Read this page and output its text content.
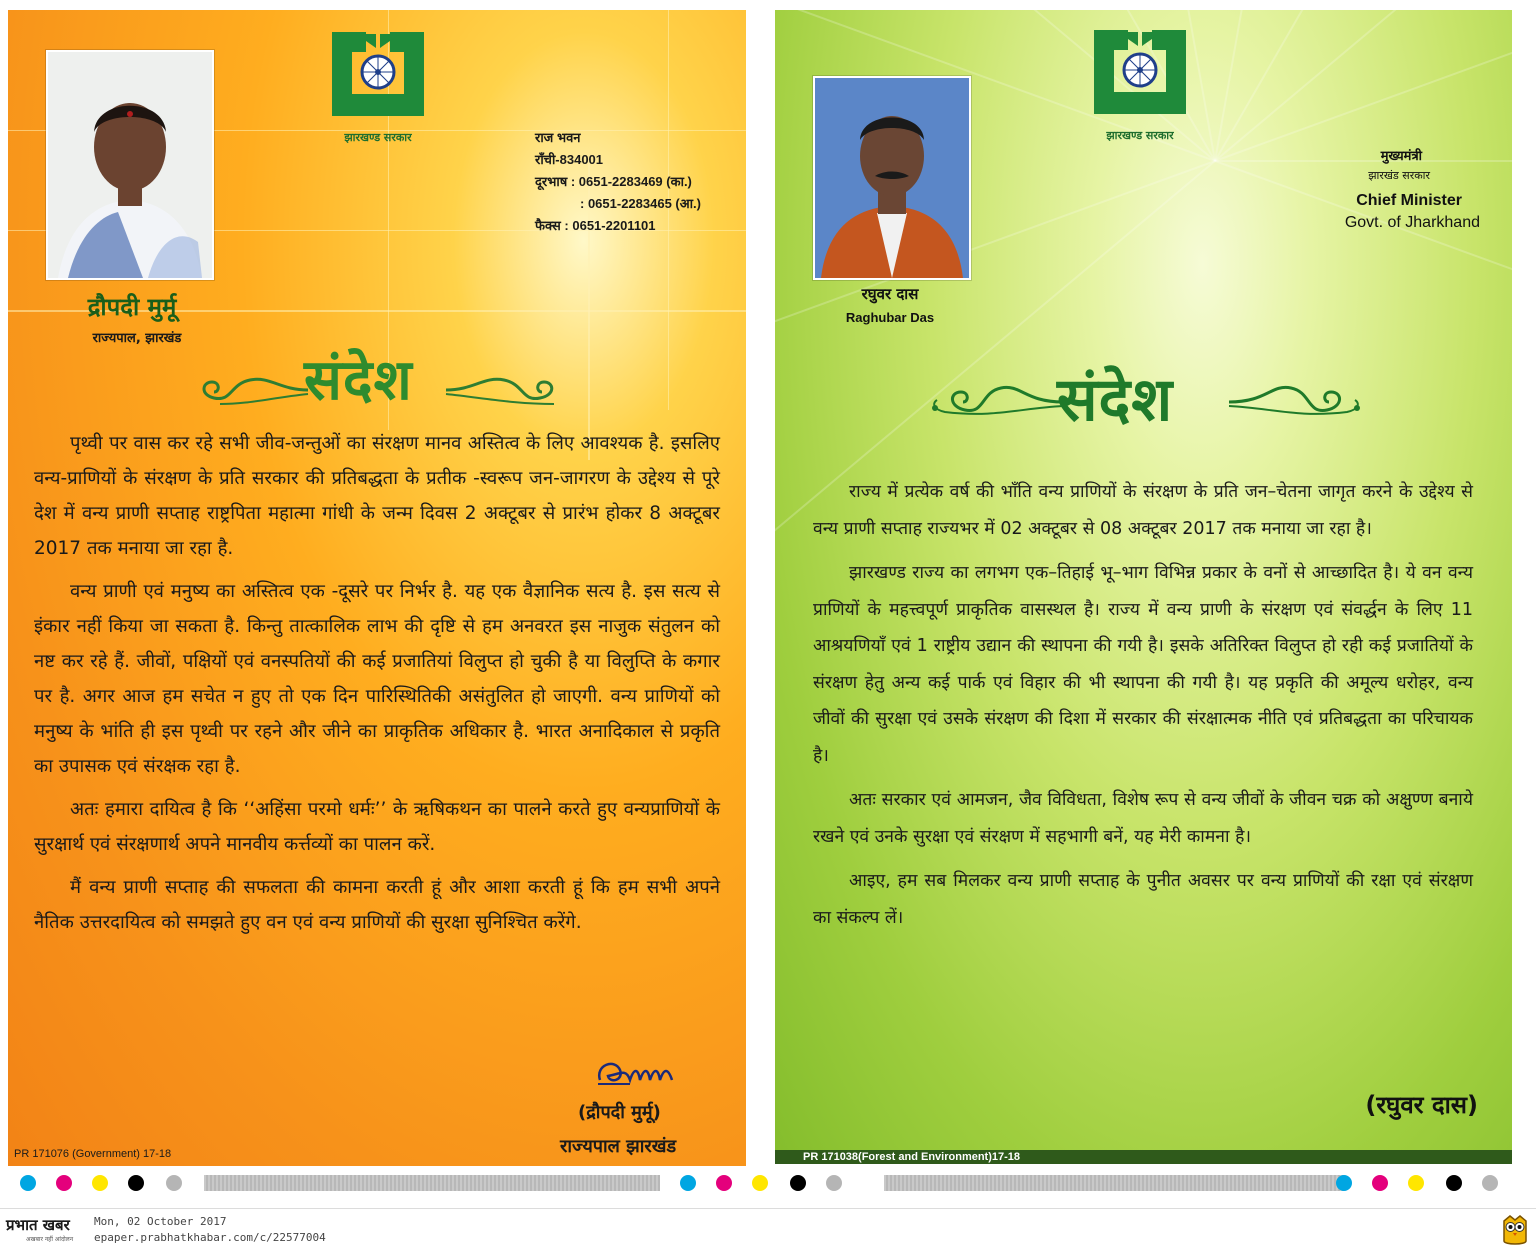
झारखण्ड सरकार	राज भवन
राँची-834001
दूरभाष : 0651-2283469 (का.)
: 0651-2283465 (आ.)
फैक्स : 0651-2201101
द्रौपदी मुर्मू
राज्यपाल, झारखंड
संदेश

पृथ्वी पर वास कर रहे सभी जीव-जन्तुओं का संरक्षण मानव अस्तित्व के लिए आवश्यक है. इसलिए वन्य-प्राणियों के संरक्षण के प्रति सरकार की प्रतिबद्धता के प्रतीक -स्वरूप जन-जागरण के उद्देश्य से पूरे देश में वन्य प्राणी सप्ताह राष्ट्रपिता महात्मा गांधी के जन्म दिवस 2 अक्टूबर से प्रारंभ होकर 8 अक्टूबर 2017 तक मनाया जा रहा है.

वन्य प्राणी एवं मनुष्य का अस्तित्व एक -दूसरे पर निर्भर है. यह एक वैज्ञानिक सत्य है. इस सत्य से इंकार नहीं किया जा सकता है. किन्तु तात्कालिक लाभ की दृष्टि से हम अनवरत इस नाजुक संतुलन को नष्ट कर रहे हैं. जीवों, पक्षियों एवं वनस्पतियों की कई प्रजातियां विलुप्त हो चुकी है या विलुप्ति के कगार पर है. अगर आज हम सचेत न हुए तो एक दिन पारिस्थितिकी असंतुलित हो जाएगी. वन्य प्राणियों को मनुष्य के भांति ही इस पृथ्वी पर रहने और जीने का प्राकृतिक अधिकार है. भारत अनादिकाल से प्रकृति का उपासक एवं संरक्षक रहा है.

अतः हमारा दायित्व है कि ‘‘अहिंसा परमो धर्मः’’ के ऋषिकथन का पालने करते हुए वन्यप्राणियों के सुरक्षार्थ एवं संरक्षणार्थ अपने मानवीय कर्त्तव्यों का पालन करें.

मैं वन्य प्राणी सप्ताह की सफलता की कामना करती हूं और आशा करती हूं कि हम सभी अपने नैतिक उत्तरदायित्व को समझते हुए वन एवं वन्य प्राणियों की सुरक्षा सुनिश्चित करेंगे.

(द्रौपदी मुर्मू)
राज्यपाल झारखंड
PR 171076 (Government) 17-18
झारखण्ड सरकार
रघुवर दास
Raghubar Das
मुख्यमंत्री
झारखंड सरकार
Chief Minister
Govt. of Jharkhand
संदेश

राज्य में प्रत्येक वर्ष की भाँति वन्य प्राणियों के संरक्षण के प्रति जन–चेतना जागृत करने के उद्देश्य से वन्य प्राणी सप्ताह राज्यभर में 02 अक्टूबर से 08 अक्टूबर 2017 तक मनाया जा रहा है।

झारखण्ड राज्य का लगभग एक–तिहाई भू–भाग विभिन्न प्रकार के वनों से आच्छादित है। ये वन वन्य प्राणियों के महत्त्वपूर्ण प्राकृतिक वासस्थल है। राज्य में वन्य प्राणी के संरक्षण एवं संवर्द्धन के लिए 11 आश्रयणियाँ एवं 1 राष्ट्रीय उद्यान की स्थापना की गयी है। इसके अतिरिक्त विलुप्त हो रही कई प्रजातियों के संरक्षण हेतु अन्य कई पार्क एवं विहार की भी स्थापना की गयी है। यह प्रकृति की अमूल्य धरोहर, वन्य जीवों की सुरक्षा एवं उसके संरक्षण की दिशा में सरकार की संरक्षात्मक नीति एवं प्रतिबद्धता का परिचायक है।

अतः सरकार एवं आमजन, जैव विविधता, विशेष रूप से वन्य जीवों के जीवन चक्र को अक्षुण्ण बनाये रखने एवं उनके सुरक्षा एवं संरक्षण में सहभागी बनें, यह मेरी कामना है।

आइए, हम सब मिलकर वन्य प्राणी सप्ताह के पुनीत अवसर पर वन्य प्राणियों की रक्षा एवं संरक्षण का संकल्प लें।

(रघुवर दास)
PR 171038(Forest and Environment)17-18
प्रभात खबर
अखबार नहीं आंदोलन
Mon, 02 October 2017
epaper.prabhatkhabar.com/c/22577004
